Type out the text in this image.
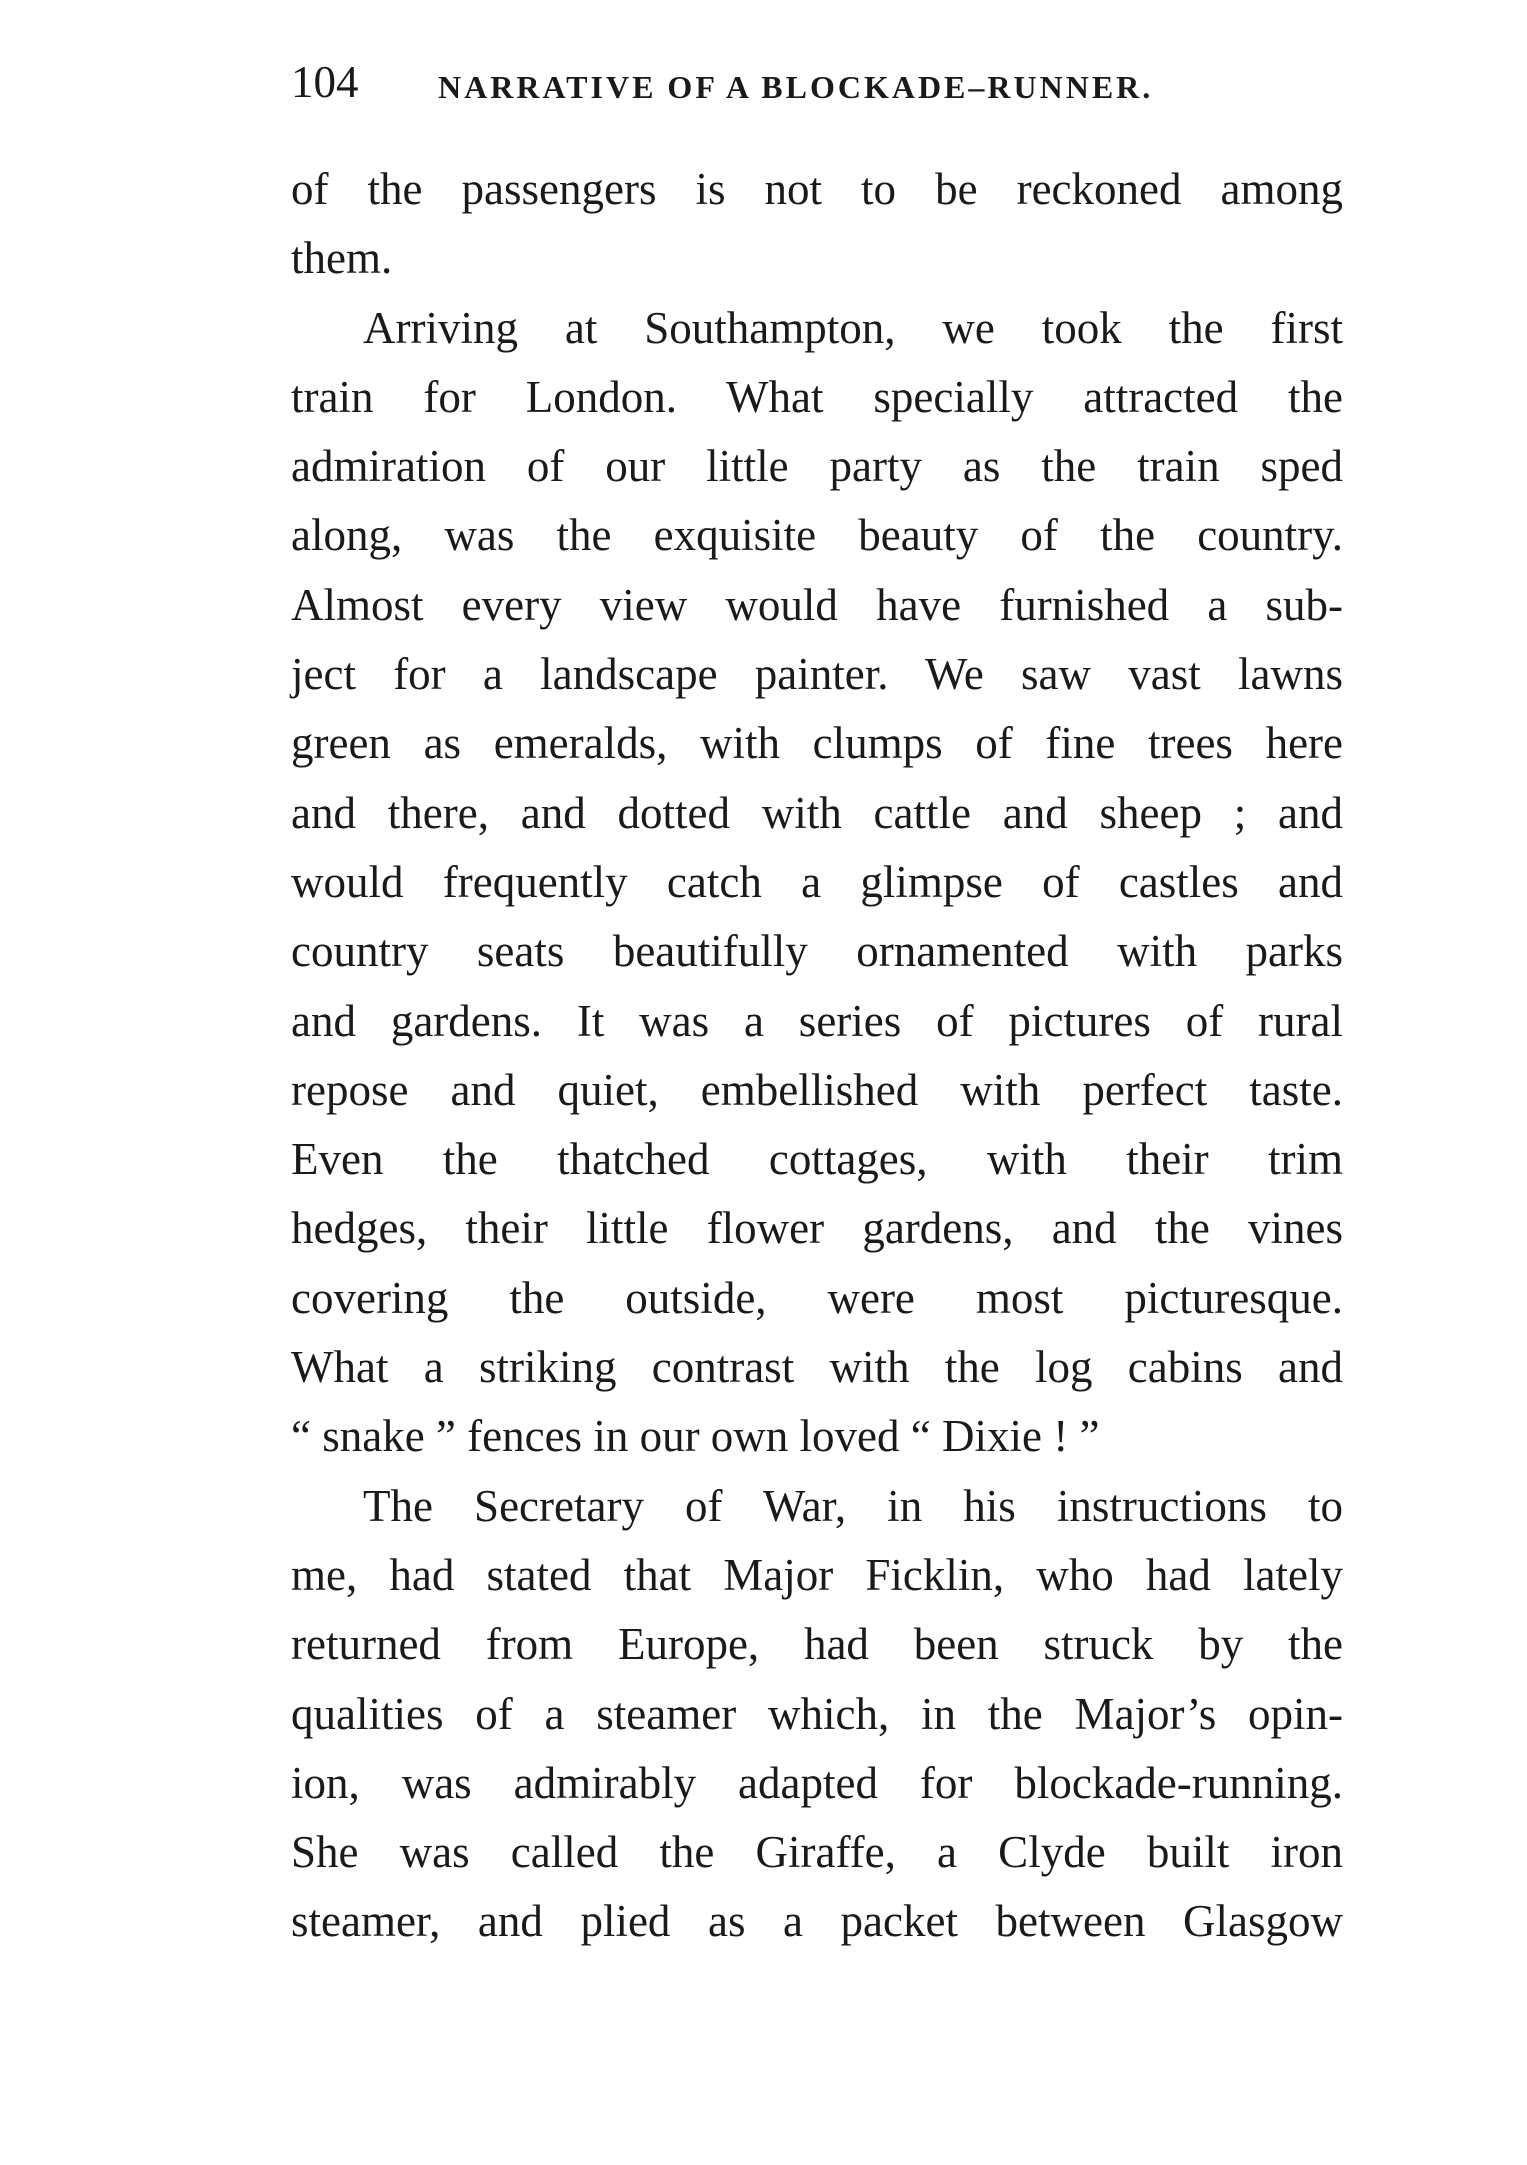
104 NARRATIVE OF A BLOCKADE–RUNNER.
of the passengers is not to be reckoned among
them.
Arriving at Southampton, we took the first
train for London. What specially attracted the
admiration of our little party as the train sped
along, was the exquisite beauty of the country.
Almost every view would have furnished a sub-
ject for a landscape painter. We saw vast lawns
green as emeralds, with clumps of fine trees here
and there, and dotted with cattle and sheep ; and
would frequently catch a glimpse of castles and
country seats beautifully ornamented with parks
and gardens. It was a series of pictures of rural
repose and quiet, embellished with perfect taste.
Even the thatched cottages, with their trim
hedges, their little flower gardens, and the vines
covering the outside, were most picturesque.
What a striking contrast with the log cabins and
“ snake ” fences in our own loved “ Dixie ! ”
The Secretary of War, in his instructions to
me, had stated that Major Ficklin, who had lately
returned from Europe, had been struck by the
qualities of a steamer which, in the Major’s opin-
ion, was admirably adapted for blockade-running.
She was called the Giraffe, a Clyde built iron
steamer, and plied as a packet between Glasgow
